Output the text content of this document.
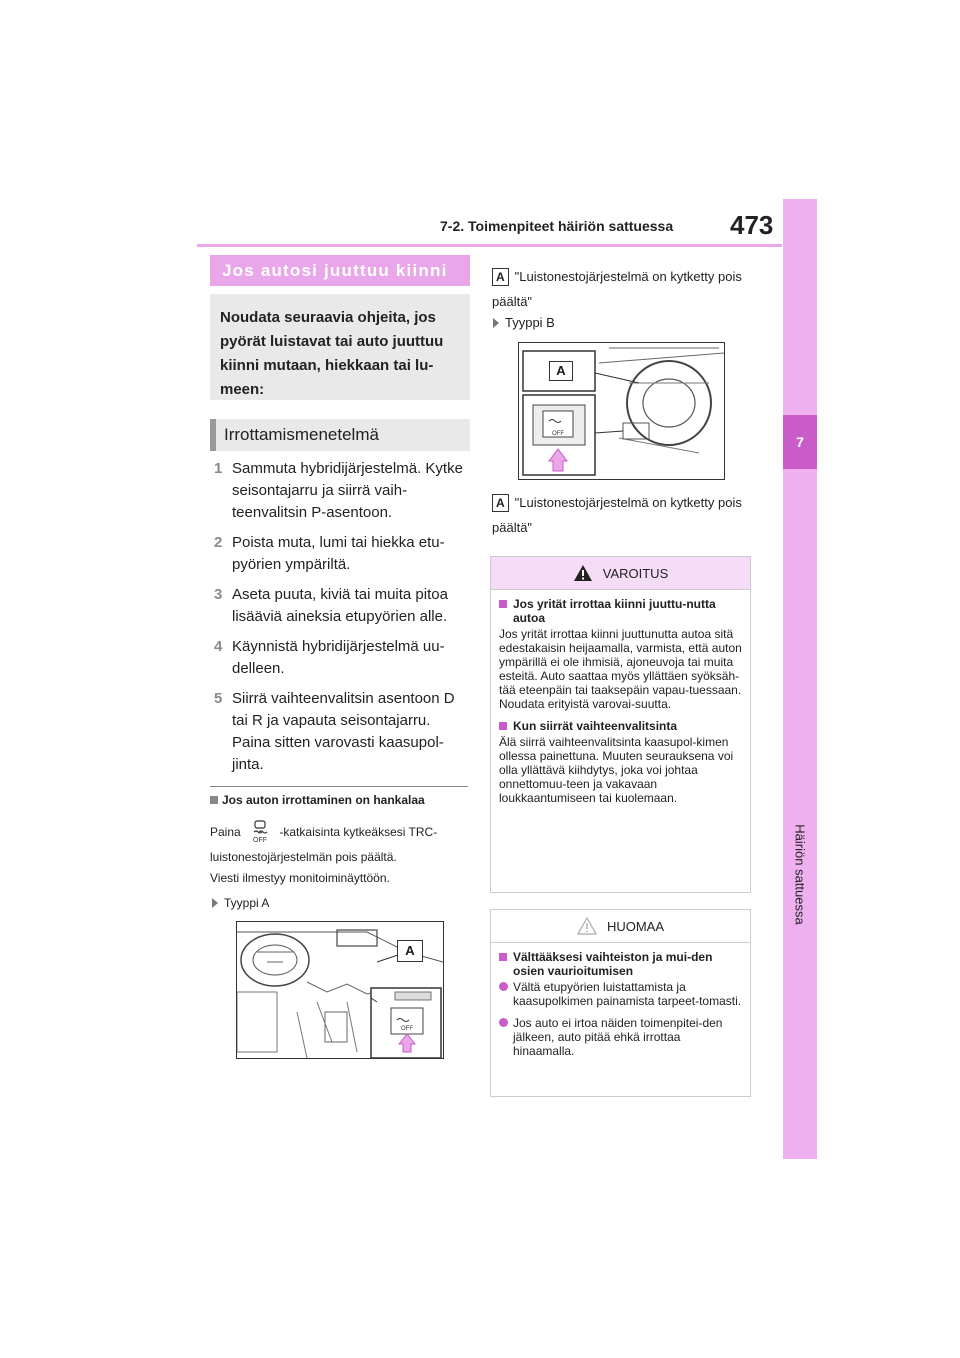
7-2. Toimenpiteet häiriön sattuessa 473
7
Häiriön sattuessa
Jos autosi juuttuu kiinni

Noudata seuraavia ohjeita, jos pyörät luistavat tai auto juuttuu kiinni mutaan, hiekkaan tai lu-meen:

Irrottamismenetelmä
1 Sammuta hybridijärjestelmä. Kytke seisontajarru ja siirrä vaih-teenvalitsin P-asentoon.
2 Poista muta, lumi tai hiekka etu-pyörien ympäriltä.
3 Aseta puuta, kiviä tai muita pitoa lisääviä aineksia etupyörien alle.
4 Käynnistä hybridijärjestelmä uu-delleen.
5 Siirrä vaihteenvalitsin asentoon D tai R ja vapauta seisontajarru. Paina sitten varovasti kaasupol-jinta.
Jos auton irrottaminen on hankalaa
Paina
OFF
-katkaisinta kytkeäksesi TRC-
luistonestojärjestelmän pois päältä.
Viesti ilmestyy monitoiminäyttöön.
Tyyppi A
OFF
A
A "Luistonestojärjestelmä on kytketty pois päältä"
Tyyppi B
OFF
A
A "Luistonestojärjestelmä on kytketty pois päältä"
VAROITUS
Jos yrität irrottaa kiinni juuttu-nutta autoa
Jos yrität irrottaa kiinni juuttunutta autoa sitä edestakaisin heijaamalla, varmista, että auton ympärillä ei ole ihmisiä, ajoneuvoja tai muita esteitä. Auto saattaa myös yllättäen syöksäh-tää eteenpäin tai taaksepäin vapau-tuessaan. Noudata erityistä varovai-suutta.
Kun siirrät vaihteenvalitsinta
Älä siirrä vaihteenvalitsinta kaasupol-kimen ollessa painettuna. Muuten seurauksena voi olla yllättävä kiihdytys, joka voi johtaa onnettomuu-teen ja vakavaan loukkaantumiseen tai kuolemaan.
HUOMAA
Välttääksesi vaihteiston ja mui-den osien vaurioitumisen
Vältä etupyörien luistattamista ja kaasupolkimen painamista tarpeet-tomasti.
Jos auto ei irtoa näiden toimenpitei-den jälkeen, auto pitää ehkä irrottaa hinaamalla.
